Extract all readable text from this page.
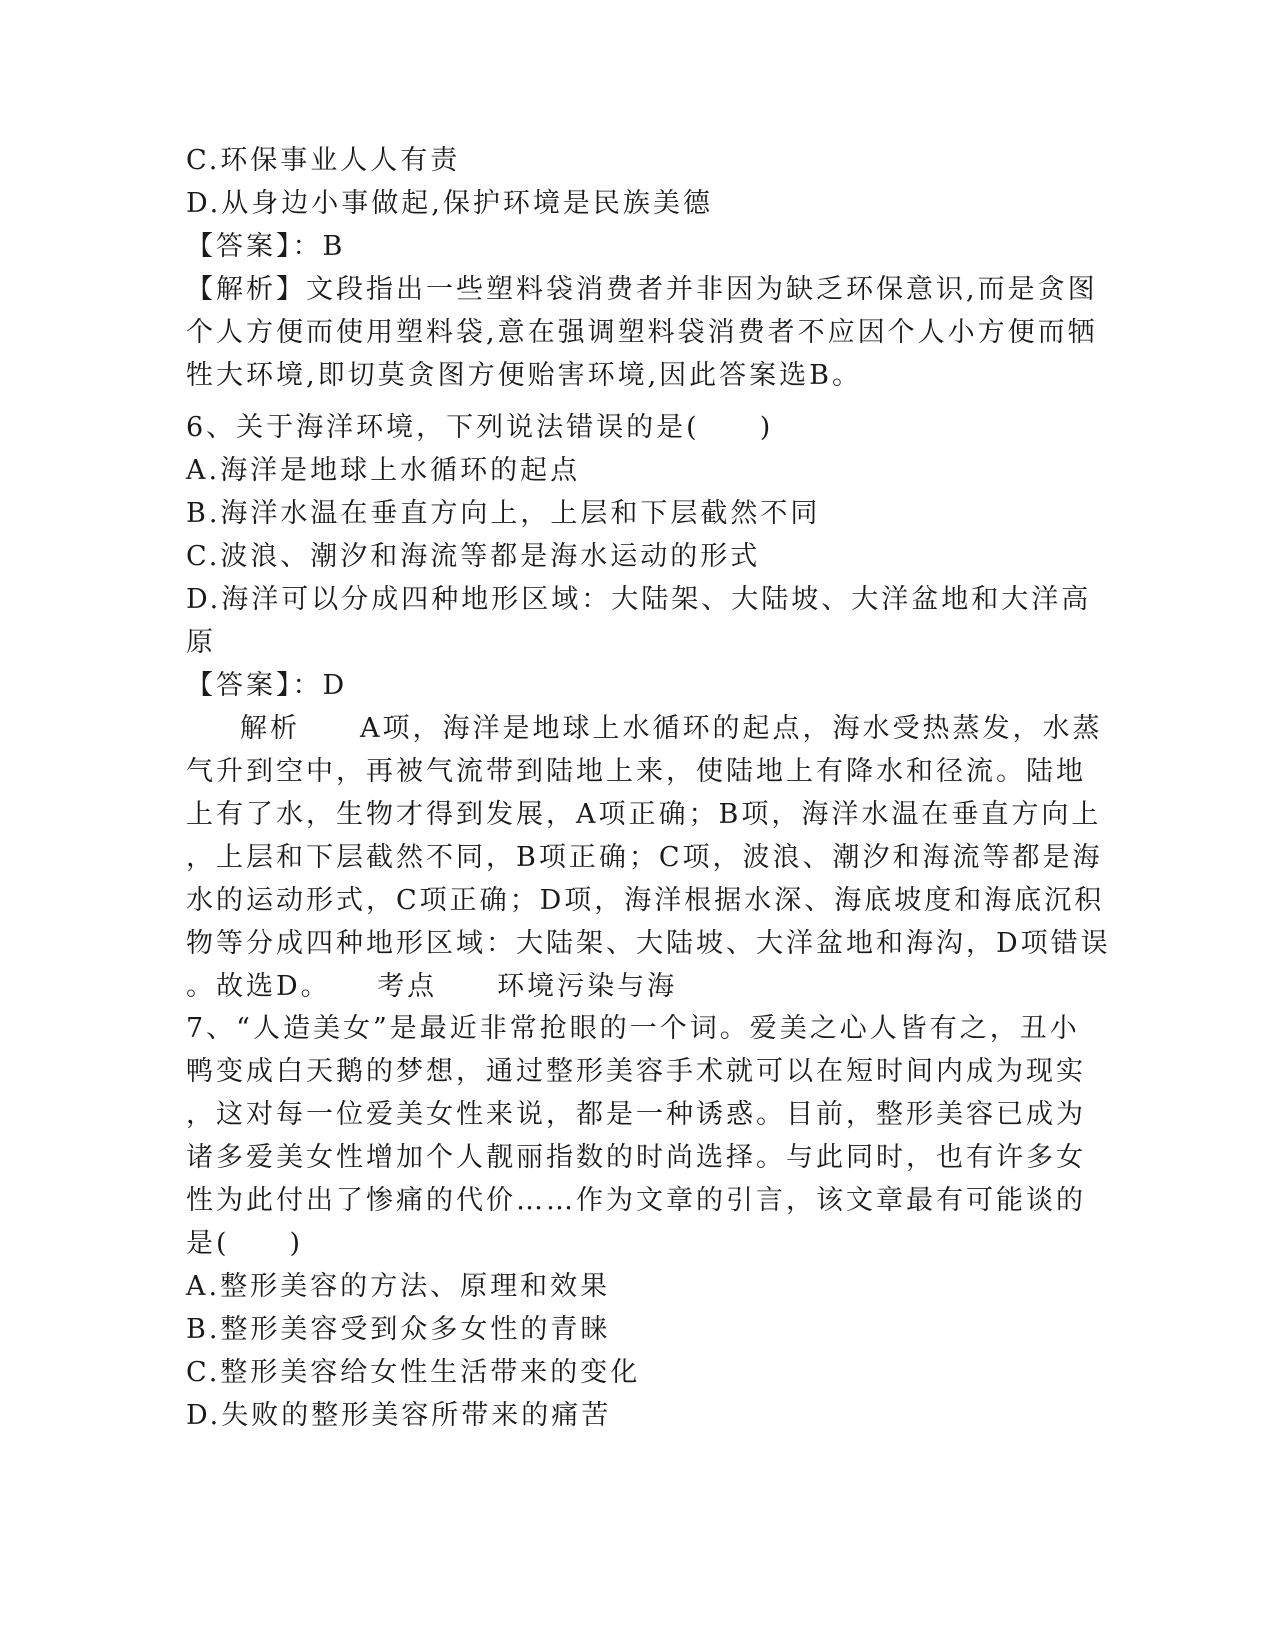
C.环保事业人人有责
D.从身边小事做起,保护环境是民族美德
【答案】：B
【解析】文段指出一些塑料袋消费者并非因为缺乏环保意识,而是贪图
个人方便而使用塑料袋,意在强调塑料袋消费者不应因个人小方便而牺
牲大环境,即切莫贪图方便贻害环境,因此答案选B。
6、关于海洋环境，下列说法错误的是(　　)
A.海洋是地球上水循环的起点
B.海洋水温在垂直方向上，上层和下层截然不同
C.波浪、潮汐和海流等都是海水运动的形式
D.海洋可以分成四种地形区域：大陆架、大陆坡、大洋盆地和大洋高
原
【答案】：D
解析　　A项，海洋是地球上水循环的起点，海水受热蒸发，水蒸
气升到空中，再被气流带到陆地上来，使陆地上有降水和径流。陆地
上有了水，生物才得到发展，A项正确；B项，海洋水温在垂直方向上
，上层和下层截然不同，B项正确；C项，波浪、潮汐和海流等都是海
水的运动形式，C项正确；D项，海洋根据水深、海底坡度和海底沉积
物等分成四种地形区域：大陆架、大陆坡、大洋盆地和海沟，D项错误
。故选D。　　考点　　环境污染与海
7、“人造美女”是最近非常抢眼的一个词。爱美之心人皆有之，丑小
鸭变成白天鹅的梦想，通过整形美容手术就可以在短时间内成为现实
，这对每一位爱美女性来说，都是一种诱惑。目前，整形美容已成为
诸多爱美女性增加个人靓丽指数的时尚选择。与此同时，也有许多女
性为此付出了惨痛的代价……作为文章的引言，该文章最有可能谈的
是(　　)
A.整形美容的方法、原理和效果
B.整形美容受到众多女性的青睐
C.整形美容给女性生活带来的变化
D.失败的整形美容所带来的痛苦
